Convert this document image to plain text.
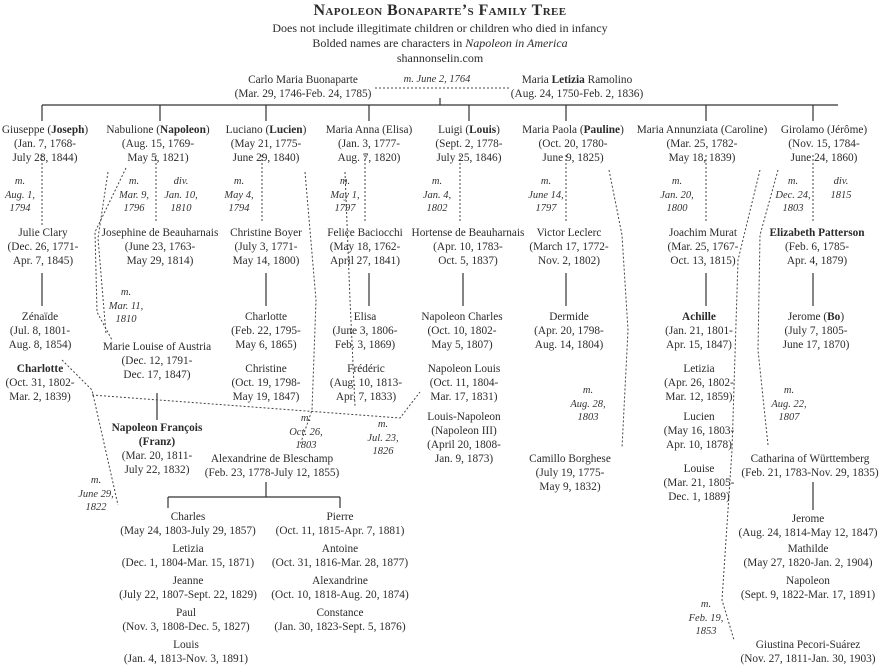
Napoleon Bonaparte’s Family Tree
Does not include illegitimate children or children who died in infancy
Bolded names are characters in Napoleon in America
shannonselin.com
Carlo Maria Buonaparte
(Mar. 29, 1746-Feb. 24, 1785)
m. June 2, 1764	Maria Letizia Ramolino
(Aug. 24, 1750-Feb. 2, 1836)
Giuseppe (Joseph)
(Jan. 7, 1768-
July 28, 1844)
Nabulione (Napoleon)
(Aug. 15, 1769-
May 5, 1821)
Luciano (Lucien)
(May 21, 1775-
June 29, 1840)
Maria Anna (Elisa)
(Jan. 3, 1777-
Aug. 7, 1820)
Luigi (Louis)
(Sept. 2, 1778-
July 25, 1846)
Maria Paola (Pauline)
(Oct. 20, 1780-
June 9, 1825)
Maria Annunziata (Caroline)
(Mar. 25, 1782-
May 18, 1839)
Girolamo (Jérôme)
(Nov. 15, 1784-
June 24, 1860)
m.
Aug. 1,
1794
m.
Mar. 9,
1796
div.
Jan. 10,
1810
m.
May 4,
1794
m.
May 1,
1797
m.
Jan. 4,
1802
m.
June 14,
1797
m.
Jan. 20,
1800
m.
Dec. 24,
1803
div.
1815
Julie Clary
(Dec. 26, 1771-
Apr. 7, 1845)
Josephine de Beauharnais
(June 23, 1763-
May 29, 1814)
Christine Boyer
(July 3, 1771-
May 14, 1800)
Felice Baciocchi
(May 18, 1762-
April 27, 1841)
Hortense de Beauharnais
(Apr. 10, 1783-
Oct. 5, 1837)
Victor Leclerc
(March 17, 1772-
Nov. 2, 1802)
Joachim Murat
(Mar. 25, 1767-
Oct. 13, 1815)
Elizabeth Patterson
(Feb. 6, 1785-
Apr. 4, 1879)
Zénaïde
(Jul. 8, 1801-
Aug. 8, 1854)
Charlotte
(Oct. 31, 1802-
Mar. 2, 1839)
m.
Mar. 11,
1810
Marie Louise of Austria
(Dec. 12, 1791-
Dec. 17, 1847)
Napoleon François
(Franz)
(Mar. 20, 1811-
July 22, 1832)
Charlotte
(Feb. 22, 1795-
May 6, 1865)
Christine
(Oct. 19, 1798-
May 19, 1847)
m.
Oct. 26,
1803
Alexandrine de Bleschamp
(Feb. 23, 1778-July 12, 1855)
Elisa
(June 3, 1806-
Feb. 3, 1869)
Frédéric
(Aug. 10, 1813-
Apr. 7, 1833)
m.
Jul. 23,
1826
Napoleon Charles
(Oct. 10, 1802-
May 5, 1807)
Napoleon Louis
(Oct. 11, 1804-
Mar. 17, 1831)
Louis-Napoleon
(Napoleon III)
(April 20, 1808-
Jan. 9, 1873)
Dermide
(Apr. 20, 1798-
Aug. 14, 1804)
m.
Aug. 28,
1803
Camillo Borghese
(July 19, 1775-
May 9, 1832)
Achille
(Jan. 21, 1801-
Apr. 15, 1847)
Letizia
(Apr. 26, 1802-
Mar. 12, 1859)
Lucien
(May 16, 1803-
Apr. 10, 1878)
Louise
(Mar. 21, 1805-
Dec. 1, 1889)
Jerome (Bo)
(July 7, 1805-
June 17, 1870)
m.
Aug. 22,
1807
Catharina of Württemberg
(Feb. 21, 1783-Nov. 29, 1835)
Jerome
(Aug. 24, 1814-May 12, 1847)
Mathilde
(May 27, 1820-Jan. 2, 1904)
Napoleon
(Sept. 9, 1822-Mar. 17, 1891)
m.
Feb. 19,
1853
Giustina Pecori-Suárez
(Nov. 27, 1811-Jan. 30, 1903)
m.
June 29,
1822
Charles
(May 24, 1803-July 29, 1857)
Letizia
(Dec. 1, 1804-Mar. 15, 1871)
Jeanne
(July 22, 1807-Sept. 22, 1829)
Paul
(Nov. 3, 1808-Dec. 5, 1827)
Louis
(Jan. 4, 1813-Nov. 3, 1891)
Pierre
(Oct. 11, 1815-Apr. 7, 1881)
Antoine
(Oct. 31, 1816-Mar. 28, 1877)
Alexandrine
(Oct. 10, 1818-Aug. 20, 1874)
Constance
(Jan. 30, 1823-Sept. 5, 1876)
